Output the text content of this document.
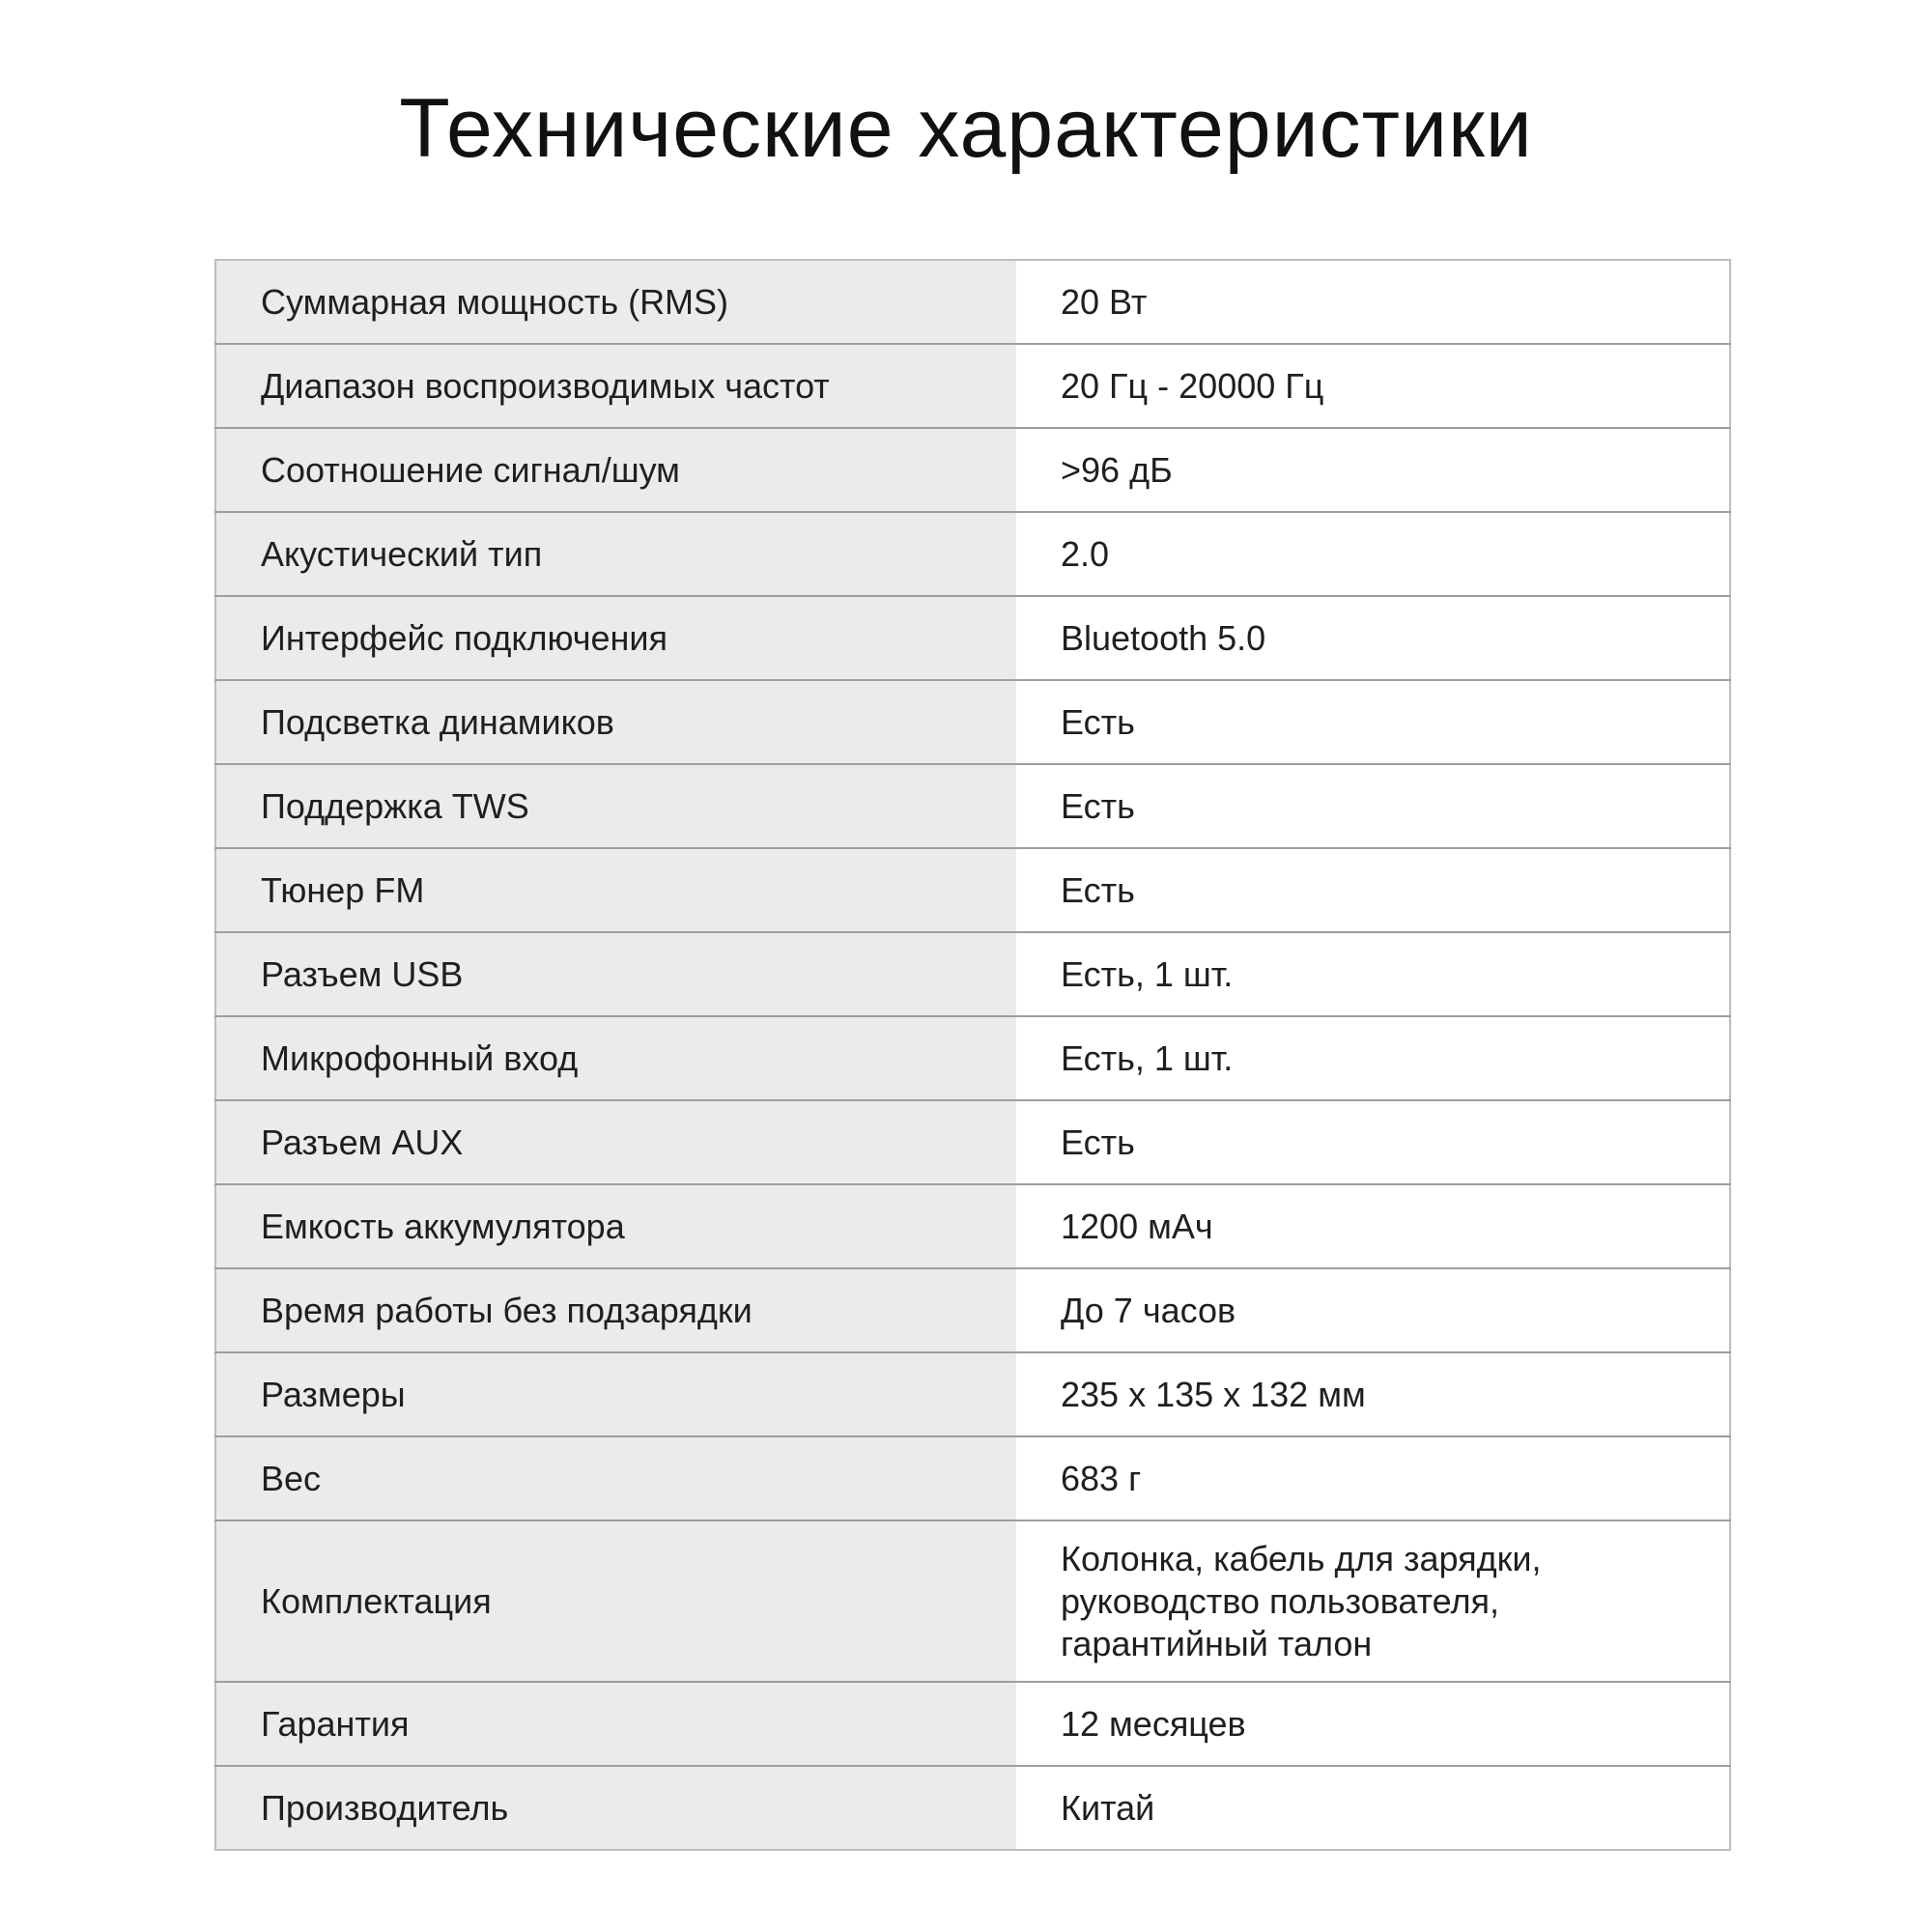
Технические характеристики
Суммарная мощность (RMS)	20 Вт
Диапазон воспроизводимых частот	20 Гц - 20000 Гц
Соотношение сигнал/шум	>96 дБ
Акустический тип	2.0
Интерфейс подключения	Bluetooth 5.0
Подсветка динамиков	Есть
Поддержка TWS	Есть
Тюнер FM	Есть
Разъем USB	Есть, 1 шт.
Микрофонный вход	Есть, 1 шт.
Разъем AUX	Есть
Емкость аккумулятора	1200 мАч
Время работы без подзарядки	До 7 часов
Размеры	235 x 135 x 132 мм
Вес	683 г
Комплектация	Колонка, кабель для зарядки,
руководство пользователя,
гарантийный талон
Гарантия	12 месяцев
Производитель	Китай
